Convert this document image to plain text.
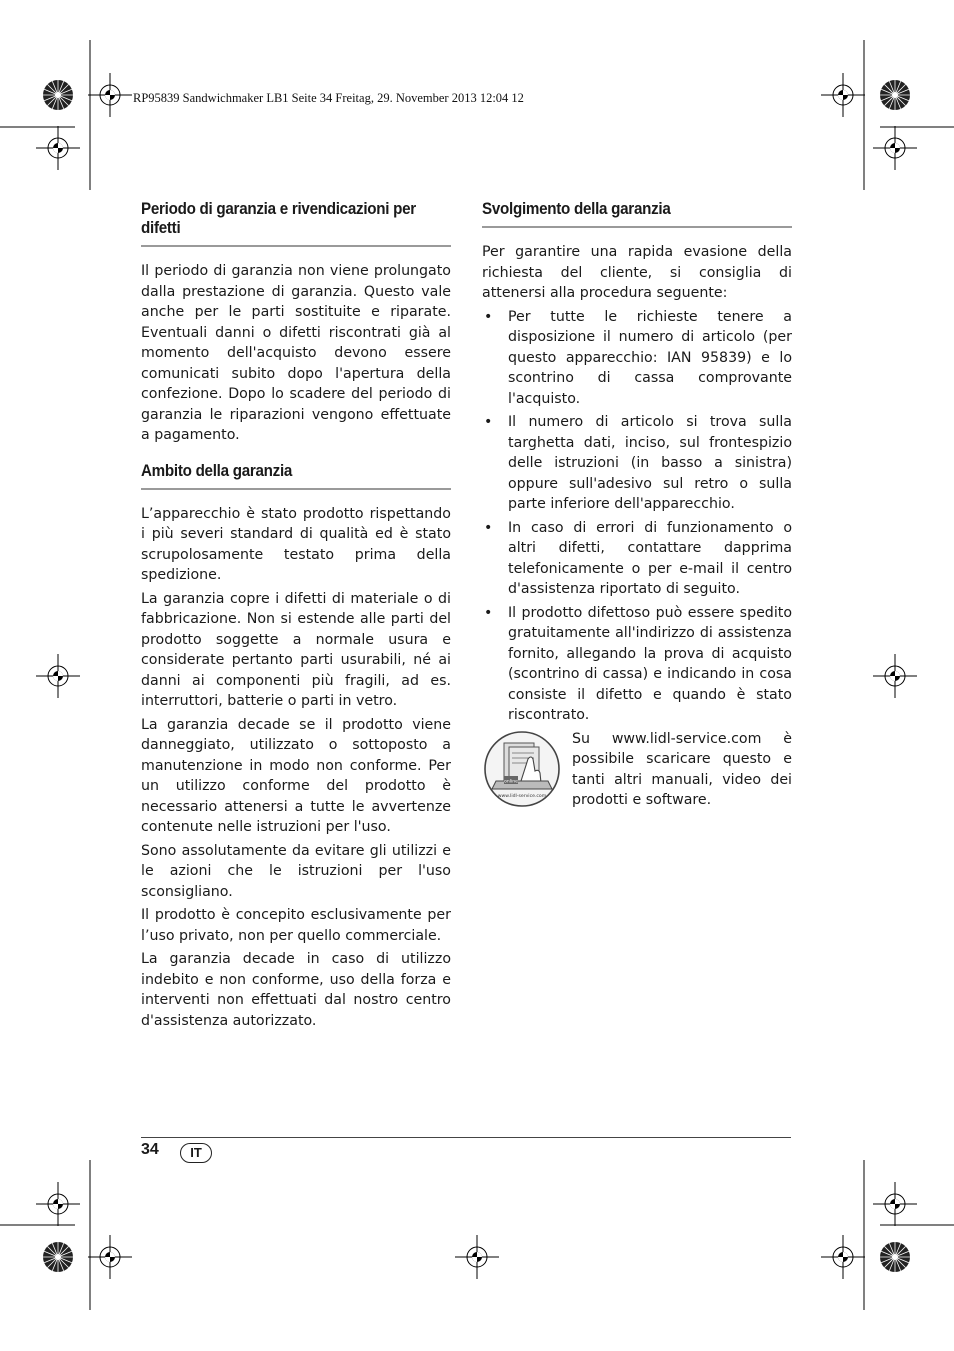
RP95839 Sandwichmaker LB1 Seite 34 Freitag, 29. November 2013 12:04 12
Periodo di garanzia e rivendicazioni per difetti

Il periodo di garanzia non viene prolungato dalla prestazione di garanzia. Questo vale anche per le parti sostituite e riparate. Eventuali danni o difetti riscontrati già al momento dell'acquisto devono essere comunicati subito dopo l'apertura della confezione. Dopo lo scadere del periodo di garanzia le riparazioni vengono effettuate a pagamento.

Ambito della garanzia

L’apparecchio è stato prodotto rispettando i più severi standard di qualità ed è stato scrupolosamente testato prima della spedizione.

La garanzia copre i difetti di materiale o di fabbricazione. Non si estende alle parti del prodotto soggette a normale usura e considerate pertanto parti usurabili, né ai danni ai componenti più fragili, ad es. interruttori, batterie o parti in vetro.

La garanzia decade se il prodotto viene danneggiato, utilizzato o sottoposto a manutenzione in modo non conforme. Per un utilizzo conforme del prodotto è necessario attenersi a tutte le avvertenze contenute nelle istruzioni per l'uso.

Sono assolutamente da evitare gli utilizzi e le azioni che le istruzioni per l'uso sconsigliano.

Il prodotto è concepito esclusivamente per l’uso privato, non per quello commerciale.

La garanzia decade in caso di utilizzo indebito e non conforme, uso della forza e interventi non effettuati dal nostro centro d'assistenza autorizzato.

Svolgimento della garanzia

Per garantire una rapida evasione della richiesta del cliente, si consiglia di attenersi alla procedura seguente:

• Per tutte le richieste tenere a disposizione il numero di articolo (per questo apparecchio: IAN 95839) e lo scontrino di cassa comprovante l'acquisto.
• Il numero di articolo si trova sulla targhetta dati, inciso, sul frontespizio delle istruzioni (in basso a sinistra) oppure sull'adesivo sul retro o sulla parte inferiore dell'apparecchio.
• In caso di errori di funzionamento o altri difetti, contattare dapprima telefonicamente o per e-mail il centro d'assistenza riportato di seguito.
• Il prodotto difettoso può essere spedito gratuitamente all'indirizzo di assistenza fornito, allegando la prova di acquisto (scontrino di cassa) e indicando in cosa consiste il difetto e quando è stato riscontrato.
online
www.lidl-service.com
Su www.lidl-service.com è possibile scaricare questo e tanti altri manuali, video dei prodotti e software.
34	IT
